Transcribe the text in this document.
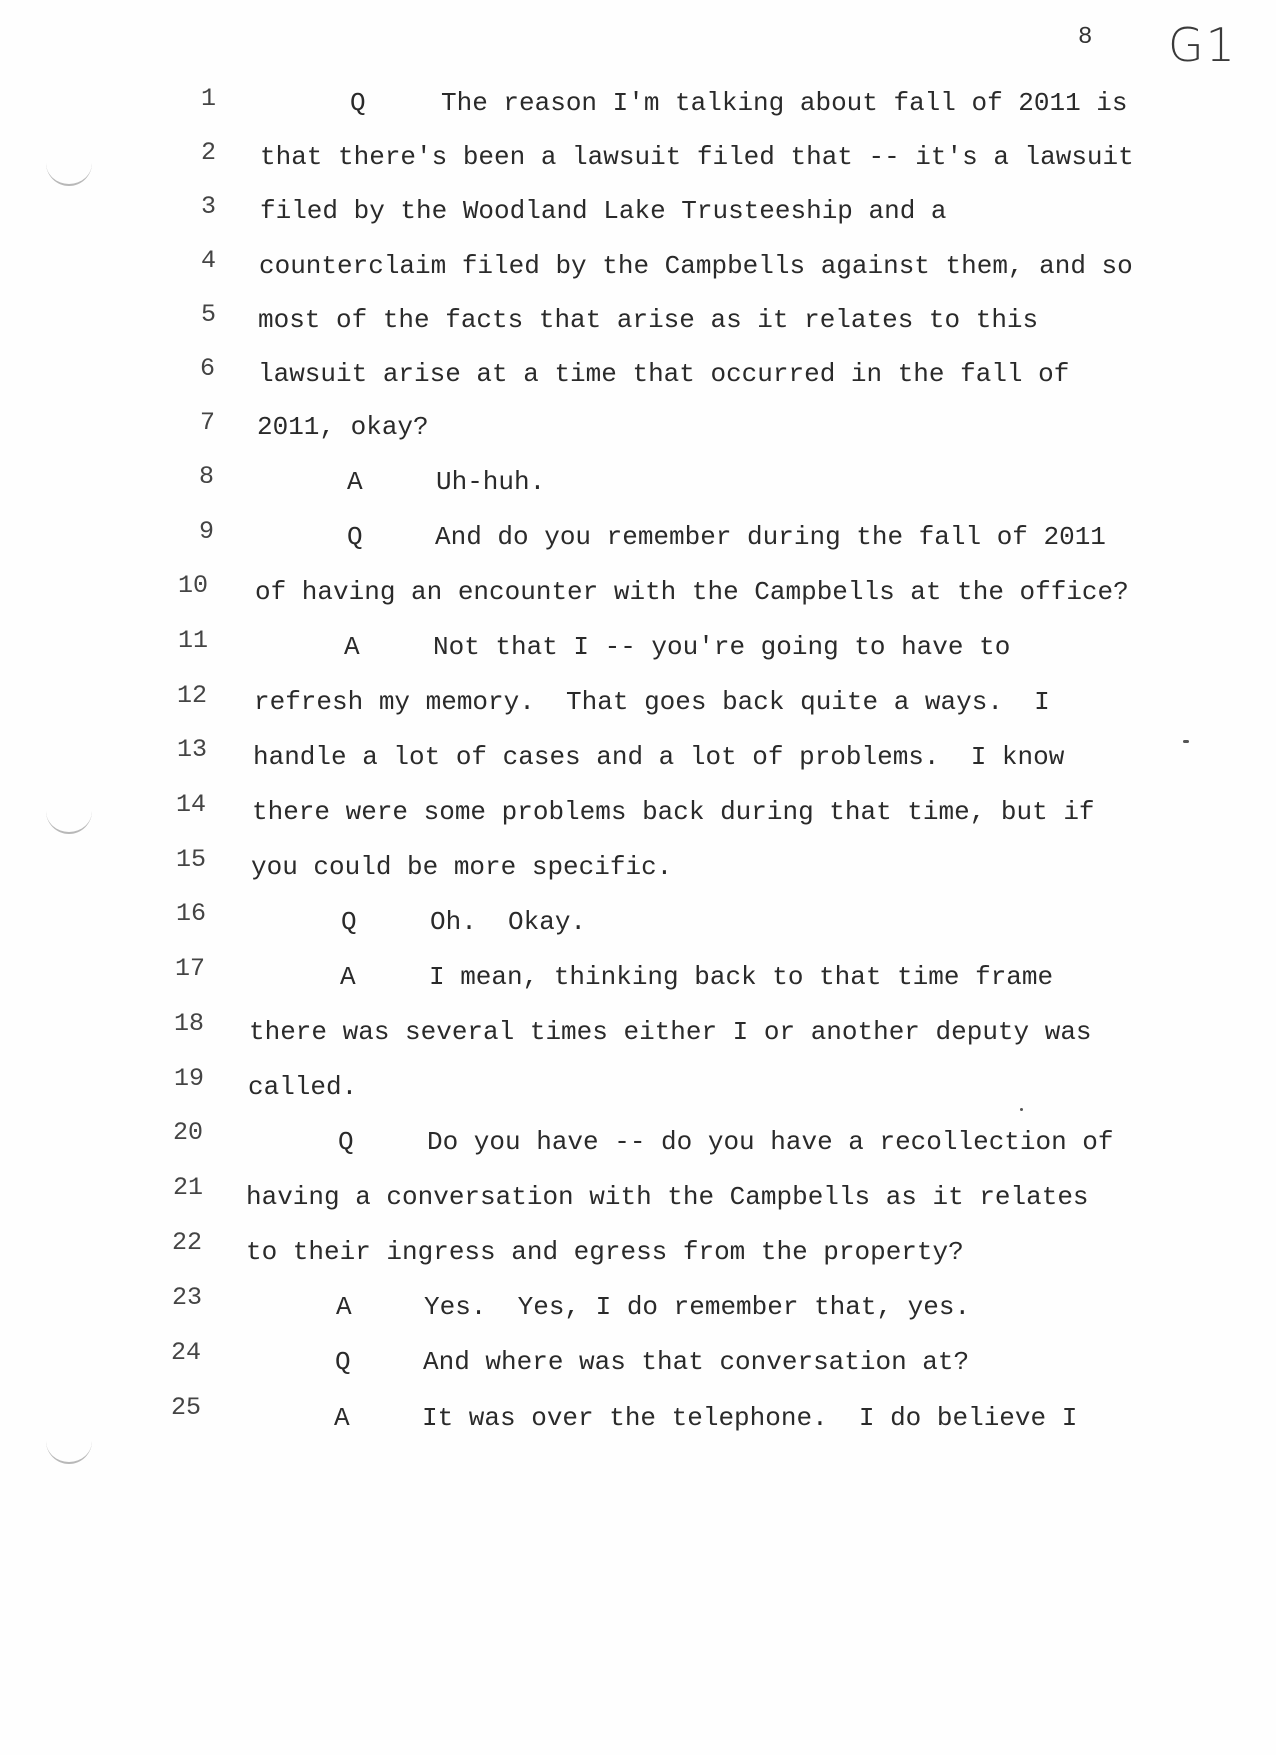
8 G1

1

	Q

	The reason I'm talking about fall of 2011 is

2

that there's been a lawsuit filed that -- it's a lawsuit

3

filed by the Woodland Lake Trusteeship and a

4

counterclaim filed by the Campbells against them, and so

5

most of the facts that arise as it relates to this

6

lawsuit arise at a time that occurred in the fall of

7

2011, okay?

8

	A

	Uh-huh.

9

	Q

	And do you remember during the fall of 2011

10

of having an encounter with the Campbells at the office?

11

	A

	Not that I -- you're going to have to

12

refresh my memory.  That goes back quite a ways.  I

13

handle a lot of cases and a lot of problems.  I know

14

there were some problems back during that time, but if

15

you could be more specific.

16

	Q

	Oh.  Okay.

17

	A

	I mean, thinking back to that time frame

18

there was several times either I or another deputy was

19

called.

20

	Q

	Do you have -- do you have a recollection of

21

having a conversation with the Campbells as it relates

22

to their ingress and egress from the property?

23

	A

	Yes.  Yes, I do remember that, yes.

24

	Q

	And where was that conversation at?

25

	A

	It was over the telephone.  I do believe I
